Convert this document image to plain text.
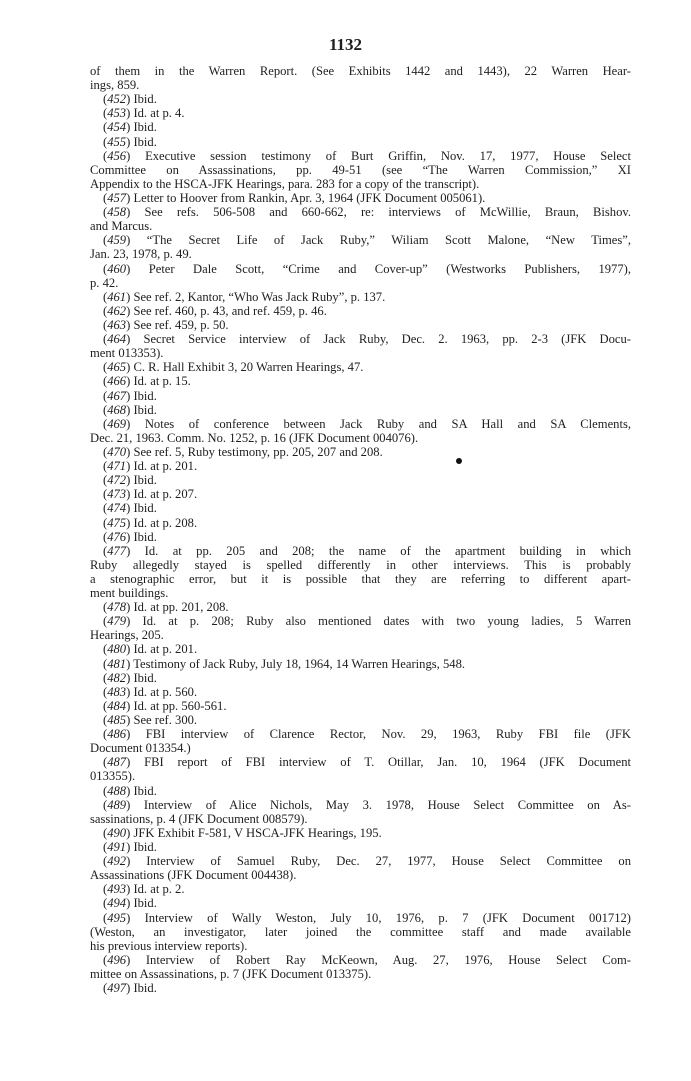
1132
of them in the Warren Report. (See Exhibits 1442 and 1443), 22 Warren Hear-
ings, 859.
(452) Ibid.
(453) Id. at p. 4.
(454) Ibid.
(455) Ibid.
(456) Executive session testimony of Burt Griffin, Nov. 17, 1977, House Select
Committee on Assassinations, pp. 49-51 (see “The Warren Commission,” XI
Appendix to the HSCA-JFK Hearings, para. 283 for a copy of the transcript).
(457) Letter to Hoover from Rankin, Apr. 3, 1964 (JFK Document 005061).
(458) See refs. 506-508 and 660-662, re: interviews of McWillie, Braun, Bishov.
and Marcus.
(459) “The Secret Life of Jack Ruby,” Wiliam Scott Malone, “New Times”,
Jan. 23, 1978, p. 49.
(460) Peter Dale Scott, “Crime and Cover-up” (Westworks Publishers, 1977),
p. 42.
(461) See ref. 2, Kantor, “Who Was Jack Ruby”, p. 137.
(462) See ref. 460, p. 43, and ref. 459, p. 46.
(463) See ref. 459, p. 50.
(464) Secret Service interview of Jack Ruby, Dec. 2. 1963, pp. 2-3 (JFK Docu-
ment 013353).
(465) C. R. Hall Exhibit 3, 20 Warren Hearings, 47.
(466) Id. at p. 15.
(467) Ibid.
(468) Ibid.
(469) Notes of conference between Jack Ruby and SA Hall and SA Clements,
Dec. 21, 1963. Comm. No. 1252, p. 16 (JFK Document 004076).
(470) See ref. 5, Ruby testimony, pp. 205, 207 and 208.
(471) Id. at p. 201.
(472) Ibid.
(473) Id. at p. 207.
(474) Ibid.
(475) Id. at p. 208.
(476) Ibid.
(477) Id. at pp. 205 and 208; the name of the apartment building in which
Ruby allegedly stayed is spelled differently in other interviews. This is probably
a stenographic error, but it is possible that they are referring to different apart-
ment buildings.
(478) Id. at pp. 201, 208.
(479) Id. at p. 208; Ruby also mentioned dates with two young ladies, 5 Warren
Hearings, 205.
(480) Id. at p. 201.
(481) Testimony of Jack Ruby, July 18, 1964, 14 Warren Hearings, 548.
(482) Ibid.
(483) Id. at p. 560.
(484) Id. at pp. 560-561.
(485) See ref. 300.
(486) FBI interview of Clarence Rector, Nov. 29, 1963, Ruby FBI file (JFK
Document 013354.)
(487) FBI report of FBI interview of T. Otillar, Jan. 10, 1964 (JFK Document
013355).
(488) Ibid.
(489) Interview of Alice Nichols, May 3. 1978, House Select Committee on As-
sassinations, p. 4 (JFK Document 008579).
(490) JFK Exhibit F-581, V HSCA-JFK Hearings, 195.
(491) Ibid.
(492) Interview of Samuel Ruby, Dec. 27, 1977, House Select Committee on
Assassinations (JFK Document 004438).
(493) Id. at p. 2.
(494) Ibid.
(495) Interview of Wally Weston, July 10, 1976, p. 7 (JFK Document 001712)
(Weston, an investigator, later joined the committee staff and made available
his previous interview reports).
(496) Interview of Robert Ray McKeown, Aug. 27, 1976, House Select Com-
mittee on Assassinations, p. 7 (JFK Document 013375).
(497) Ibid.
